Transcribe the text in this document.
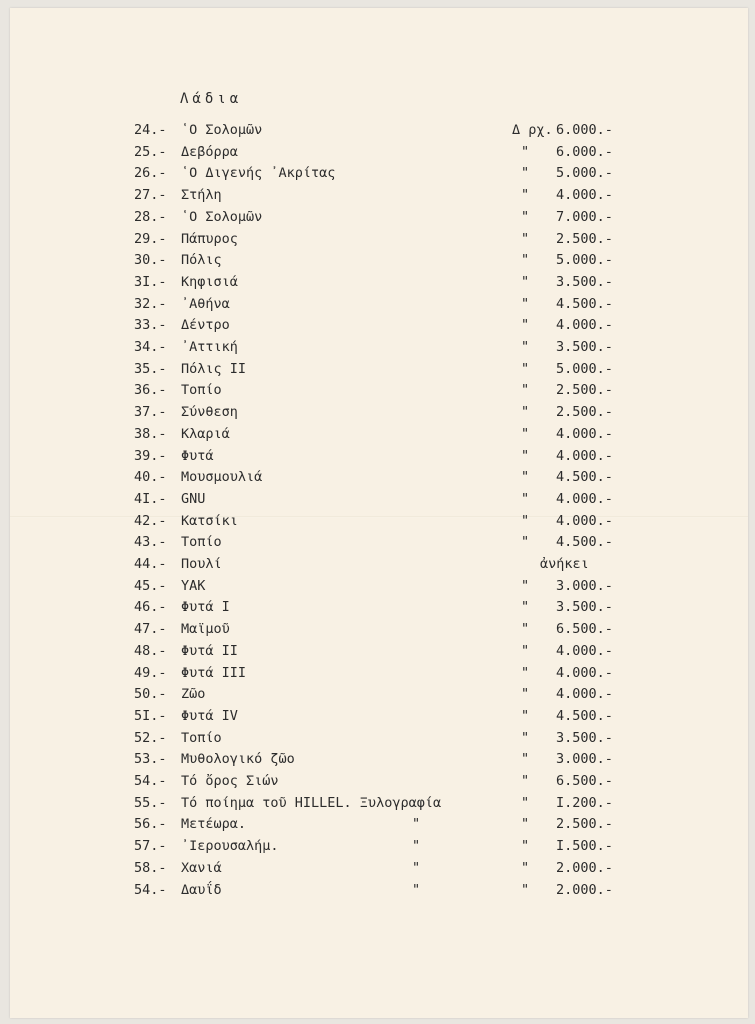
Λάδια
24.- ῾Ο Σολομῶν	Δ ρχ. 6.000.-
25.- Δεβόρρα	" 6.000.-
26.- ῾Ο Διγενής ᾿Ακρίτας	" 5.000.-
27.- Στήλη	" 4.000.-
28.- ῾Ο Σολομῶν	" 7.000.-
29.- Πάπυρος	" 2.500.-
30.- Πόλις	" 5.000.-
3I.- Κηφισιά	" 3.500.-
32.- ᾿Αθήνα	" 4.500.-
33.- Δέντρο	" 4.000.-
34.- ᾿Αττική	" 3.500.-
35.- Πόλις II	" 5.000.-
36.- Τοπίο	" 2.500.-
37.- Σύνθεση	" 2.500.-
38.- Κλαριά	" 4.000.-
39.- Φυτά	" 4.000.-
40.- Μουσμουλιά	" 4.500.-
4I.- GNU	" 4.000.-
42.- Κατσίκι	" 4.000.-
43.- Τοπίο	" 4.500.-
44.- Πουλί	ἀνήκει
45.- YAK	" 3.000.-
46.- Φυτά I	" 3.500.-
47.- Μαϊμοῦ	" 6.500.-
48.- Φυτά II	" 4.000.-
49.- Φυτά III	" 4.000.-
50.- Ζῶο	" 4.000.-
5I.- Φυτά IV	" 4.500.-
52.- Τοπίο	" 3.500.-
53.- Μυθολογικό ζῶο	" 3.000.-
54.- Τό ὄρος Σιών	" 6.500.-
55.- Τό ποίημα τοῦ HILLEL. Ξυλογραφία	" I.200.-
56.- Μετέωρα.	"	" 2.500.-
57.- ᾿Ιερουσαλήμ.	"	" I.500.-
58.- Χανιά	"	" 2.000.-
54.- Δαυΐδ	"	" 2.000.-
